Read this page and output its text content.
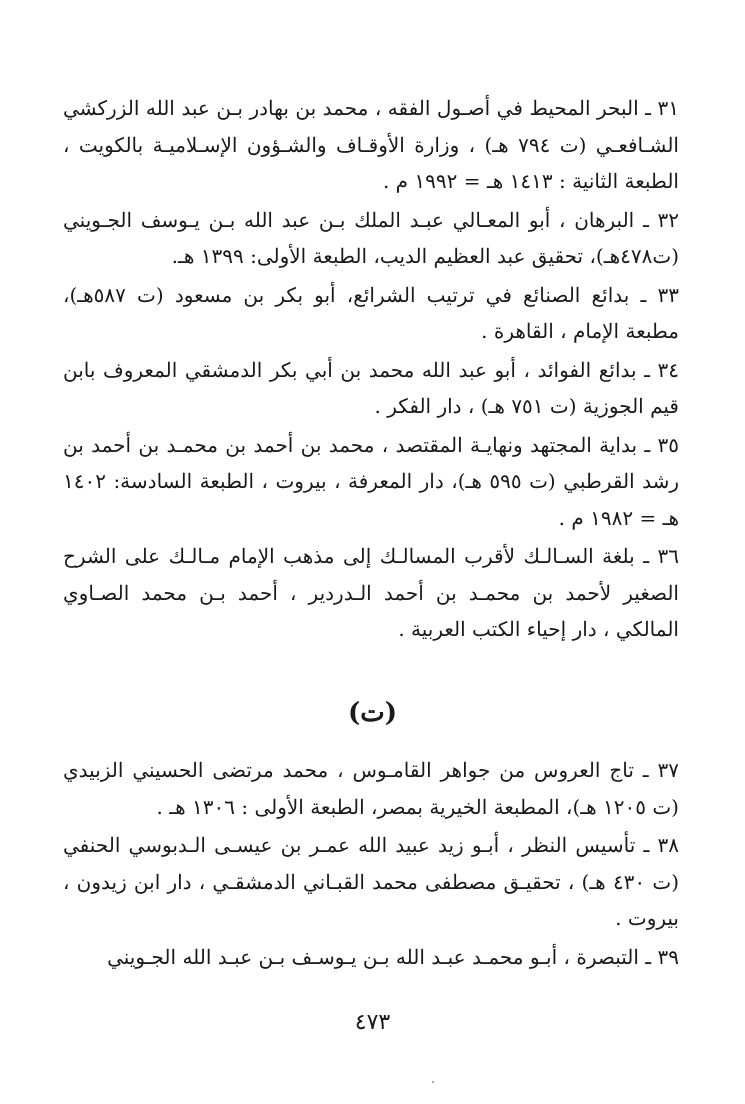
٣١ ـ البحر المحيط في أصـول الفقه ، محمد بن بهادر بـن عبد الله الزركشي الشـافعـي (ت ٧٩٤ هـ) ، وزارة الأوقـاف والشـؤون الإسـلاميـة بالكويت ، الطبعة الثانية : ١٤١٣ هـ = ١٩٩٢ م .

٣٢ ـ البرهان ، أبو المعـالي عبـد الملك بـن عبد الله بـن يـوسف الجـويني (ت٤٧٨هـ)، تحقيق عبد العظيم الديب، الطبعة الأولى: ١٣٩٩ هـ.

٣٣ ـ بدائع الصنائع في ترتيب الشرائع، أبو بكر بن مسعود (ت ٥٨٧هـ)، مطبعة الإمام ، القاهرة .

٣٤ ـ بدائع الفوائد ، أبو عبد الله محمد بن أبي بكر الدمشقي المعروف بابن قيم الجوزية (ت ٧٥١ هـ) ، دار الفكر .

٣٥ ـ بداية المجتهد ونهايـة المقتصد ، محمد بن أحمد بن محمـد بن أحمد بن رشد القرطبي (ت ٥٩٥ هـ)، دار المعرفة ، بيروت ، الطبعة السادسة: ١٤٠٢ هـ = ١٩٨٢ م .

٣٦ ـ بلغة السـالـك لأقرب المسالـك إلى مذهب الإمام مـالـك على الشرح الصغير لأحمد بن محمـد بن أحمد الـدردير ، أحمد بـن محمد الصـاوي المالكي ، دار إحياء الكتب العربية .

(ت)

٣٧ ـ تاج العروس من جواهر القامـوس ، محمد مرتضى الحسيني الزبيدي (ت ١٢٠٥ هـ)، المطبعة الخيرية بمصر، الطبعة الأولى : ١٣٠٦ هـ .

٣٨ ـ تأسيس النظر ، أبـو زيد عبيد الله عمـر بن عيسـى الـدبوسي الحنفي (ت ٤٣٠ هـ) ، تحقيـق مصطفى محمد القبـاني الدمشقـي ، دار ابن زيدون ، بيروت .

٣٩ ـ التبصرة ، أبـو محمـد عبـد الله بـن يـوسـف بـن عبـد الله الجـويني

٤٧٣
